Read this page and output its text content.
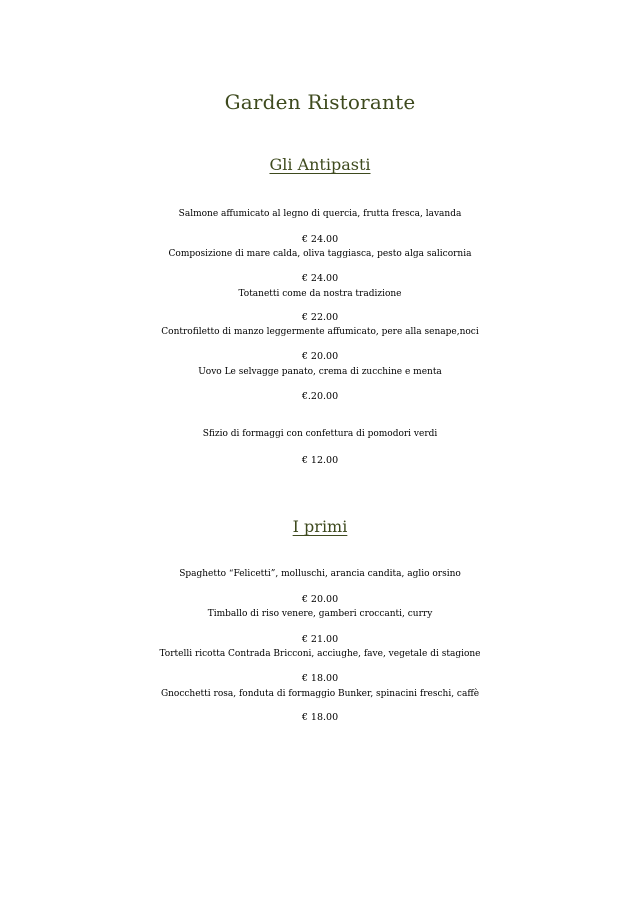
Garden Ristorante
Gli Antipasti
Salmone affumicato al legno di quercia, frutta fresca, lavanda
€ 24.00
Composizione di mare calda, oliva taggiasca, pesto alga salicornia
€ 24.00
Totanetti come da nostra tradizione
€ 22.00
Controfiletto di manzo leggermente affumicato, pere alla senape,noci
€ 20.00
Uovo Le selvagge panato, crema di zucchine e menta
€.20.00
Sfizio di formaggi con confettura di pomodori verdi
€ 12.00
I primi
Spaghetto “Felicetti”, molluschi, arancia candita, aglio orsino
€ 20.00
Timballo di riso venere, gamberi croccanti, curry
€ 21.00
Tortelli ricotta Contrada Bricconi, acciughe, fave, vegetale di stagione
€ 18.00
Gnocchetti rosa, fonduta di formaggio Bunker, spinacini freschi, caffè
€ 18.00
